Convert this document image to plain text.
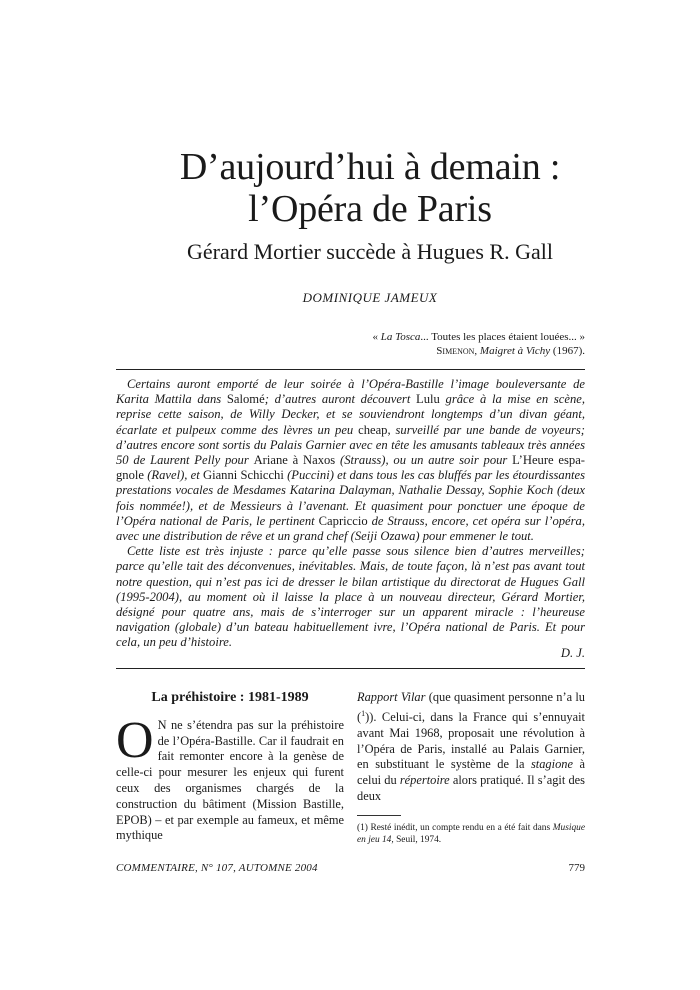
D’aujourd’hui à demain :
l’Opéra de Paris
Gérard Mortier succède à Hugues R. Gall
DOMINIQUE JAMEUX
« La Tosca... Toutes les places étaient louées... »
Simenon, Maigret à Vichy (1967).

Certains auront emporté de leur soirée à l’Opéra-Bastille l’image bouleversante de Karita Mattila dans Salomé; d’autres auront découvert Lulu grâce à la mise en scène, reprise cette saison, de Willy Decker, et se souviendront longtemps d’un divan géant, écarlate et pulpeux comme des lèvres un peu cheap, surveillé par une bande de voyeurs; d’autres encore sont sortis du Palais Garnier avec en tête les amusants tableaux très années 50 de Laurent Pelly pour Ariane à Naxos (Strauss), ou un autre soir pour L’Heure espa-gnole (Ravel), et Gianni Schicchi (Puccini) et dans tous les cas bluffés par les étourdissantes prestations vocales de Mesdames Katarina Dalayman, Nathalie Dessay, Sophie Koch (deux fois nommée!), et de Messieurs à l’avenant. Et quasiment pour ponctuer une époque de l’Opéra national de Paris, le pertinent Capriccio de Strauss, encore, cet opéra sur l’opéra, avec une distribution de rêve et un grand chef (Seiji Ozawa) pour emmener le tout.

Cette liste est très injuste : parce qu’elle passe sous silence bien d’autres merveilles; parce qu’elle tait des déconvenues, inévitables. Mais, de toute façon, là n’est pas avant tout notre question, qui n’est pas ici de dresser le bilan artistique du directorat de Hugues Gall (1995-2004), au moment où il laisse la place à un nouveau directeur, Gérard Mortier, désigné pour quatre ans, mais de s’interroger sur un apparent miracle : l’heureuse navigation (globale) d’un bateau habituellement ivre, l’Opéra national de Paris. Et pour cela, un peu d’histoire.

D. J.
La préhistoire : 1981-1989

O N ne s’étendra pas sur la préhistoire de l’Opéra-Bastille. Car il faudrait en fait remonter encore à la genèse de celle-ci pour mesurer les enjeux qui furent ceux des organismes chargés de la construction du bâtiment (Mission Bastille, EPOB) – et par exemple au fameux, et même mythique

Rapport Vilar (que quasiment personne n’a lu ($^1$)). Celui-ci, dans la France qui s’ennuyait avant Mai 1968, proposait une révolution à l’Opéra de Paris, installé au Palais Garnier, en substituant le système de la stagione à celui du répertoire alors pratiqué. Il s’agit des deux

(1) Resté inédit, un compte rendu en a été fait dans Musique en jeu 14, Seuil, 1974.
COMMENTAIRE, N° 107, AUTOMNE 2004	779
